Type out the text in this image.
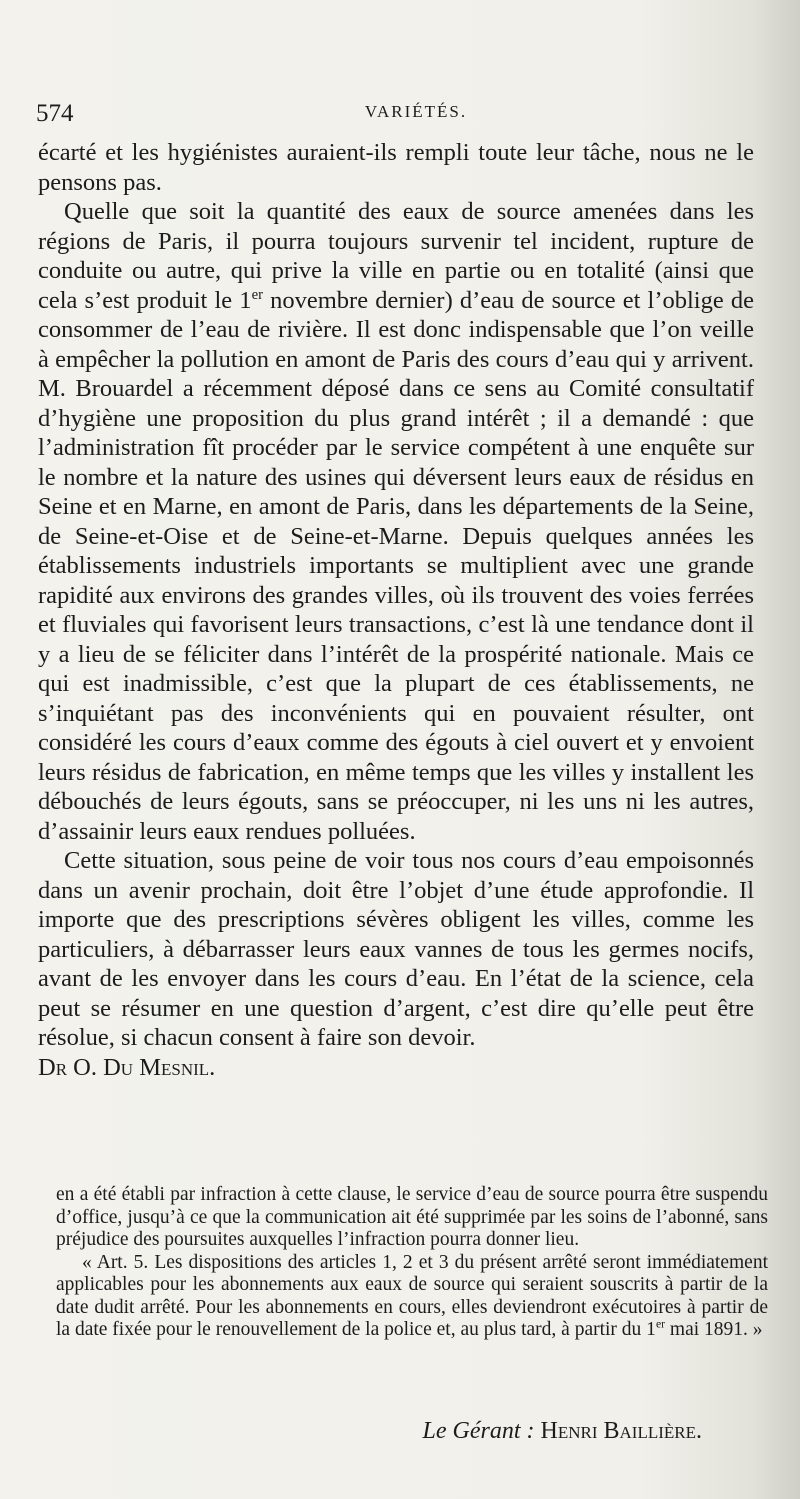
574	VARIÉTÉS.

écarté et les hygiénistes auraient-ils rempli toute leur tâche, nous ne le pensons pas.

Quelle que soit la quantité des eaux de source amenées dans les régions de Paris, il pourra toujours survenir tel incident, rupture de conduite ou autre, qui prive la ville en partie ou en totalité (ainsi que cela s’est produit le 1er novembre dernier) d’eau de source et l’oblige de consommer de l’eau de rivière. Il est donc indispensable que l’on veille à empêcher la pollution en amont de Paris des cours d’eau qui y arrivent. M. Brouardel a récemment déposé dans ce sens au Comité consultatif d’hygiène une proposition du plus grand intérêt ; il a demandé : que l’administration fît procéder par le service compétent à une enquête sur le nombre et la nature des usines qui déversent leurs eaux de résidus en Seine et en Marne, en amont de Paris, dans les départements de la Seine, de Seine-et-Oise et de Seine-et-Marne. Depuis quelques années les établissements industriels importants se multiplient avec une grande rapidité aux environs des grandes villes, où ils trouvent des voies ferrées et fluviales qui favorisent leurs transactions, c’est là une tendance dont il y a lieu de se féliciter dans l’intérêt de la prospérité nationale. Mais ce qui est inadmissible, c’est que la plupart de ces établissements, ne s’inquiétant pas des inconvénients qui en pouvaient résulter, ont considéré les cours d’eaux comme des égouts à ciel ouvert et y envoient leurs résidus de fabrication, en même temps que les villes y installent les débouchés de leurs égouts, sans se préoccuper, ni les uns ni les autres, d’assainir leurs eaux rendues polluées.

Cette situation, sous peine de voir tous nos cours d’eau empoisonnés dans un avenir prochain, doit être l’objet d’une étude approfondie. Il importe que des prescriptions sévères obligent les villes, comme les particuliers, à débarrasser leurs eaux vannes de tous les germes nocifs, avant de les envoyer dans les cours d’eau. En l’état de la science, cela peut se résumer en une question d’argent, c’est dire qu’elle peut être résolue, si chacun consent à faire son devoir.

Dr O. Du Mesnil.

en a été établi par infraction à cette clause, le service d’eau de source pourra être suspendu d’office, jusqu’à ce que la communication ait été supprimée par les soins de l’abonné, sans préjudice des poursuites auxquelles l’infraction pourra donner lieu.

« Art. 5. Les dispositions des articles 1, 2 et 3 du présent arrêté seront immédiatement applicables pour les abonnements aux eaux de source qui seraient souscrits à partir de la date dudit arrêté. Pour les abonnements en cours, elles deviendront exécutoires à partir de la date fixée pour le renouvellement de la police et, au plus tard, à partir du 1er mai 1891. »

Le Gérant : Henri Baillière.
